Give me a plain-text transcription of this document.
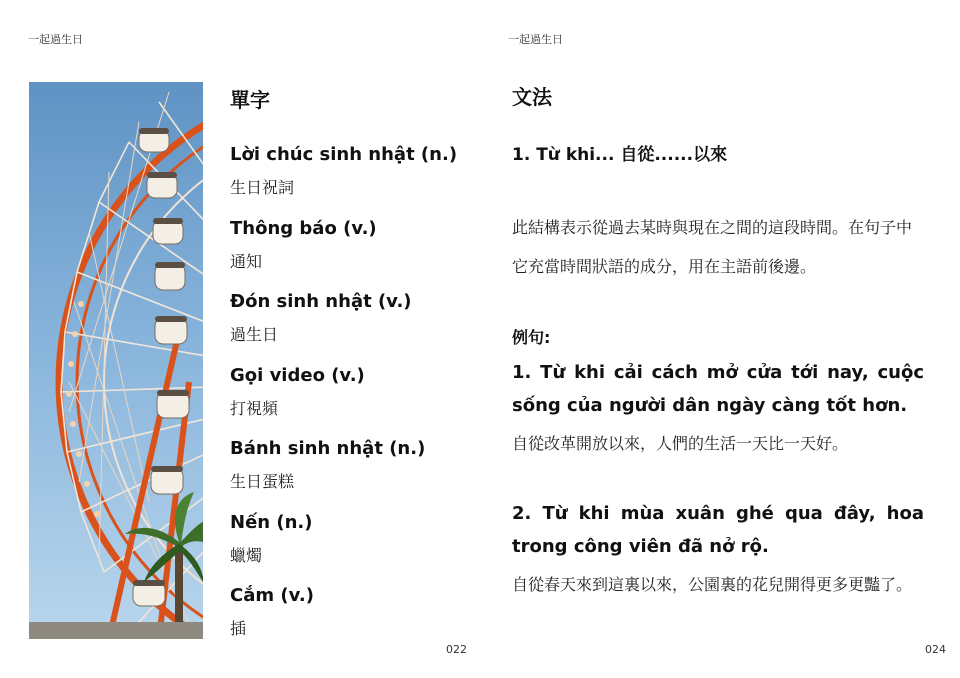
一起過生日
單字
Lời chúc sinh nhật (n.)
生日祝詞
Thông báo (v.)
通知
Đón sinh nhật (v.)
過生日
Gọi video (v.)
打視頻
Bánh sinh nhật (n.)
生日蛋糕
Nến (n.)
蠟燭
Cắm (v.)
插
022
一起過生日
文法
1. Từ khi... 自從......以來
此結構表示從過去某時與現在之間的這段時間。在句子中它充當時間狀語的成分，用在主語前後邊。
例句:
1. Từ khi cải cách mở cửa tới nay, cuộc sống của người dân ngày càng tốt hơn.
自從改革開放以來，人們的生活一天比一天好。
2. Từ khi mùa xuân ghé qua đây, hoa trong công viên đã nở rộ.
自從春天來到這裏以來，公園裏的花兒開得更多更豔了。
024
